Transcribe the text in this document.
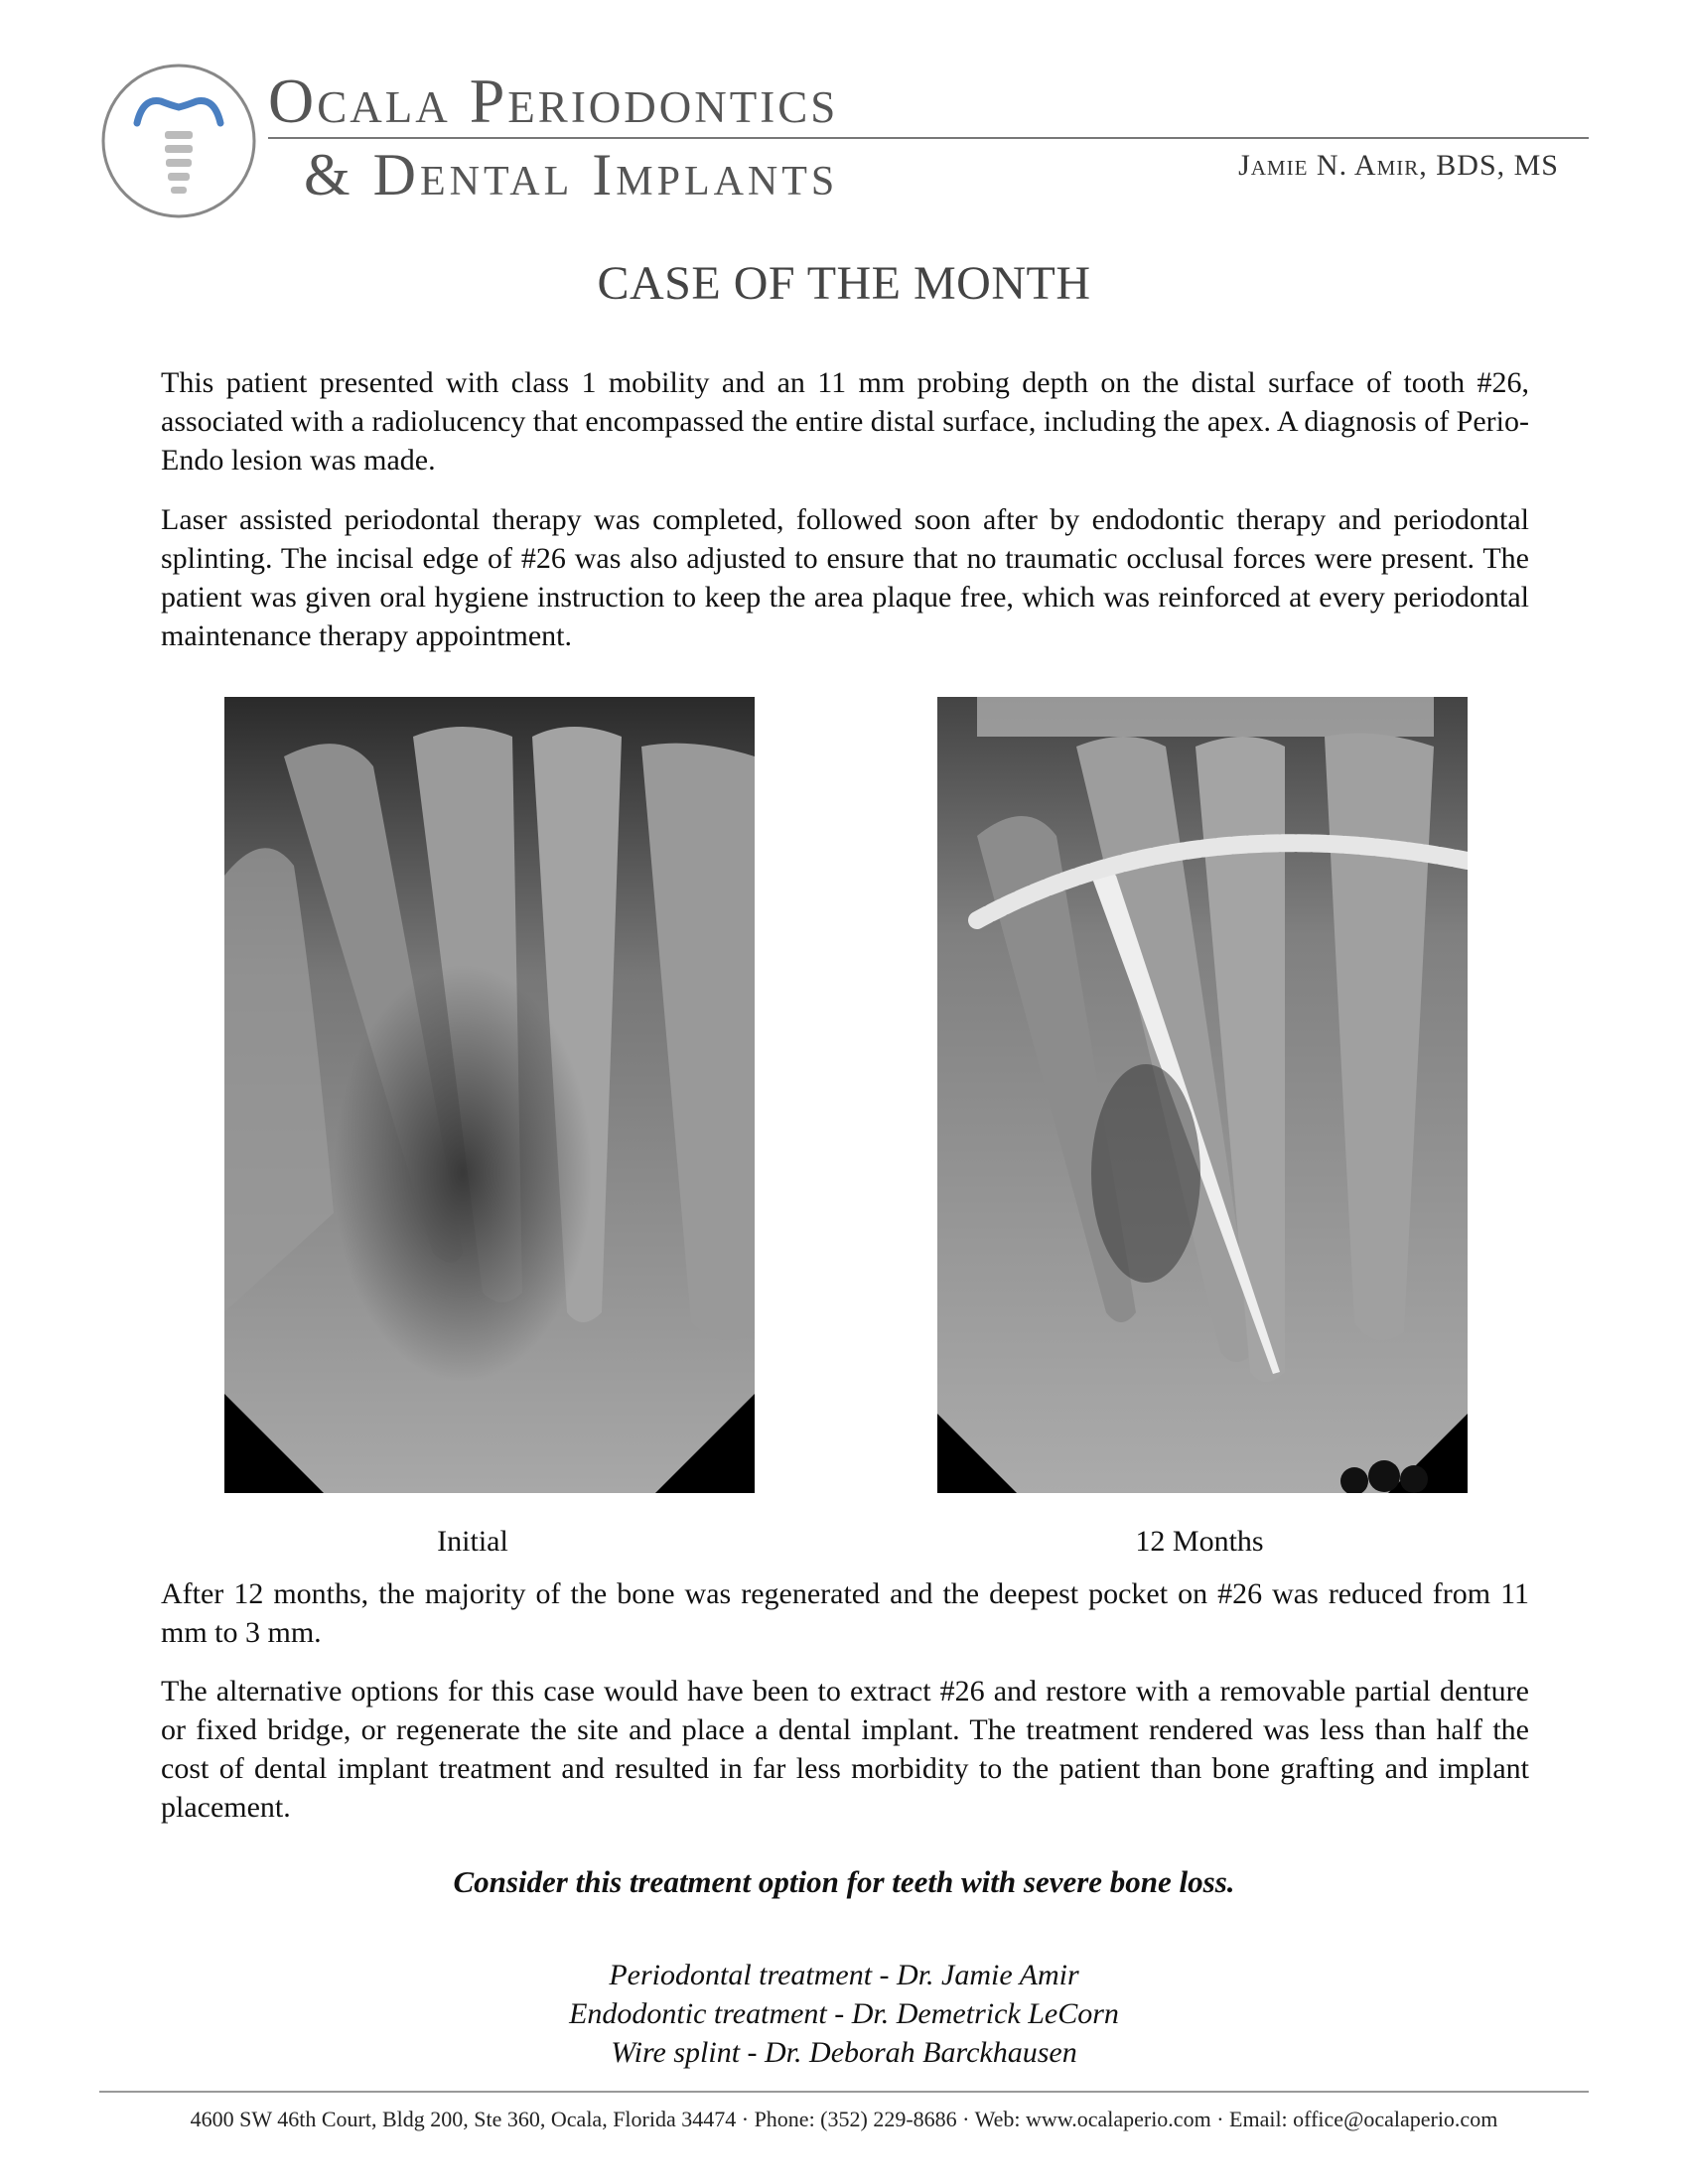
Ocala Periodontics
& Dental Implants	Jamie N. Amir, BDS, MS
CASE OF THE MONTH

This patient presented with class 1 mobility and an 11 mm probing depth on the distal surface of tooth #26, associated with a radiolucency that encompassed the entire distal surface, including the apex. A diagnosis of Perio-Endo lesion was made.

Laser assisted periodontal therapy was completed, followed soon after by endodontic therapy and periodontal splinting. The incisal edge of #26 was also adjusted to ensure that no traumatic occlusal forces were present. The patient was given oral hygiene instruction to keep the area plaque free, which was reinforced at every periodontal maintenance therapy appointment.

Initial	12 Months

After 12 months, the majority of the bone was regenerated and the deepest pocket on #26 was reduced from 11 mm to 3 mm.

The alternative options for this case would have been to extract #26 and restore with a removable partial denture or fixed bridge, or regenerate the site and place a dental implant. The treatment rendered was less than half the cost of dental implant treatment and resulted in far less morbidity to the patient than bone grafting and implant placement.

Consider this treatment option for teeth with severe bone loss.
Periodontal treatment - Dr. Jamie Amir
Endodontic treatment - Dr. Demetrick LeCorn
Wire splint - Dr. Deborah Barckhausen
4600 SW 46th Court, Bldg 200, Ste 360, Ocala, Florida 34474 · Phone: (352) 229-8686 · Web: www.ocalaperio.com · Email: office@ocalaperio.com
